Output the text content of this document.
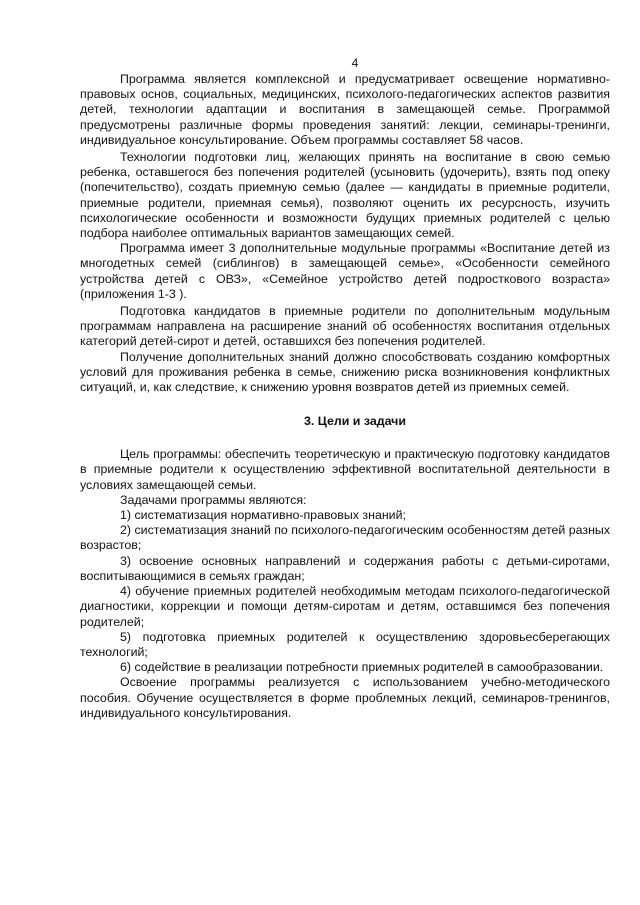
4

Программа является комплексной и предусматривает освещение нормативно-правовых основ, социальных, медицинских, психолого-педагогических аспектов развития детей, технологии адаптации и воспитания в замещающей семье. Программой предусмотрены различные формы проведения занятий: лекции, семинары-тренинги, индивидуальное консультирование. Объем программы составляет 58 часов.

Технологии подготовки лиц, желающих принять на воспитание в свою семью ребенка, оставшегося без попечения родителей (усыновить (удочерить), взять под опеку (попечительство), создать приемную семью (далее — кандидаты в приемные родители, приемные родители, приемная семья), позволяют оценить их ресурсность, изучить психологические особенности и возможности будущих приемных родителей с целью подбора наиболее оптимальных вариантов замещающих семей.

Программа имеет 3 дополнительные модульные программы «Воспитание детей из многодетных семей (сиблингов) в замещающей семье», «Особенности семейного устройства детей с ОВЗ», «Семейное устройство детей подросткового возраста» (приложения 1-3 ).

Подготовка кандидатов в приемные родители по дополнительным модульным программам направлена на расширение знаний об особенностях воспитания отдельных категорий детей-сирот и детей, оставшихся без попечения родителей.

Получение дополнительных знаний должно способствовать созданию комфортных условий для проживания ребенка в семье, снижению риска возникновения конфликтных ситуаций, и, как следствие, к снижению уровня возвратов детей из приемных семей.

3. Цели и задачи

Цель программы: обеспечить теоретическую и практическую подготовку кандидатов в приемные родители к осуществлению эффективной воспитательной деятельности в условиях замещающей семьи.

Задачами программы являются:

1) систематизация нормативно-правовых знаний;

2) систематизация знаний по психолого-педагогическим особенностям детей разных возрастов;

3) освоение основных направлений и содержания работы с детьми-сиротами, воспитывающимися в семьях граждан;

4) обучение приемных родителей необходимым методам психолого-педагогической диагностики, коррекции и помощи детям-сиротам и детям, оставшимся без попечения родителей;

5) подготовка приемных родителей к осуществлению здоровьесберегающих технологий;

6) содействие в реализации потребности приемных родителей в самообразовании.

Освоение программы реализуется с использованием учебно-методического пособия. Обучение осуществляется в форме проблемных лекций, семинаров-тренингов, индивидуального консультирования.
